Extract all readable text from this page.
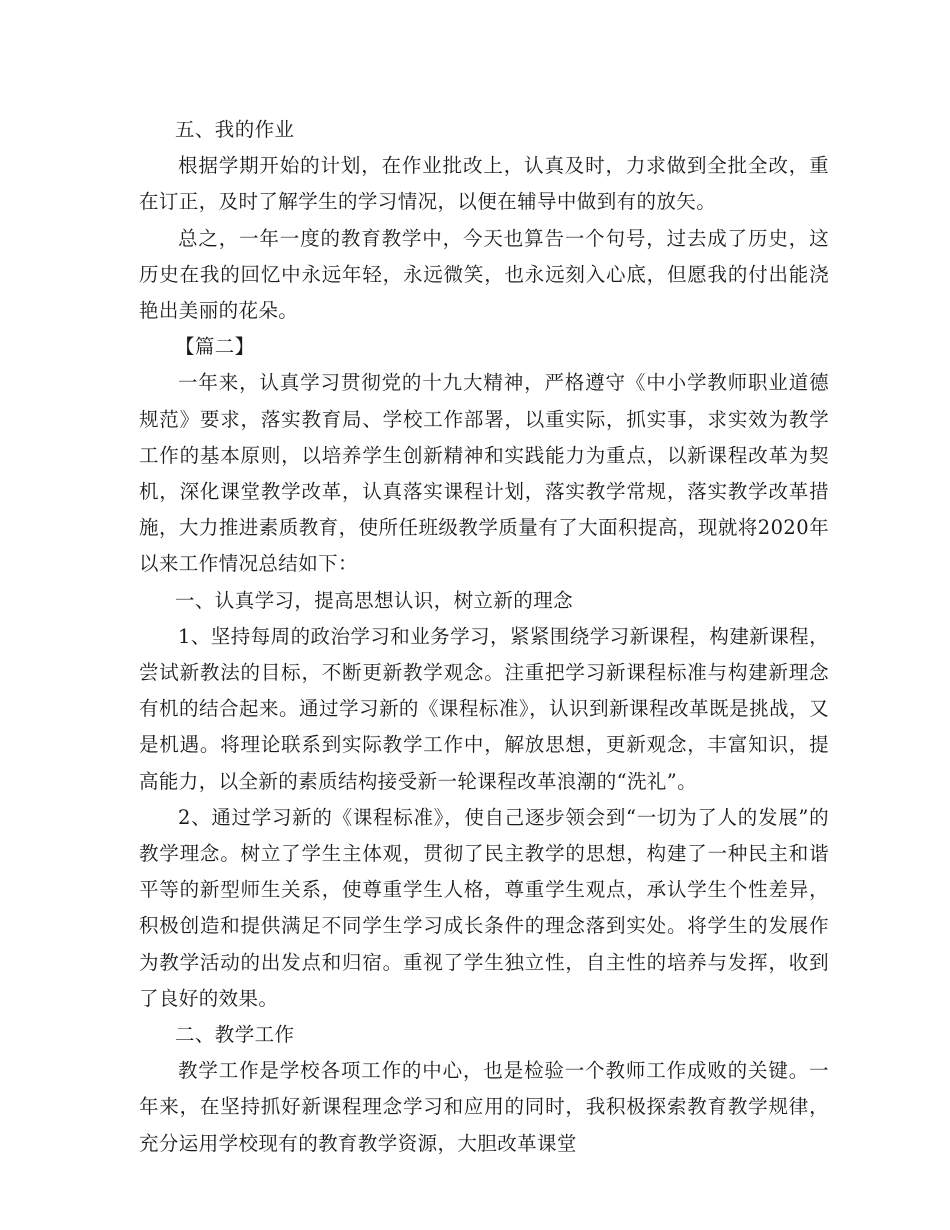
五、我的作业

根据学期开始的计划，在作业批改上，认真及时，力求做到全批全改，重在订正，及时了解学生的学习情况，以便在辅导中做到有的放矢。

总之，一年一度的教育教学中，今天也算告一个句号，过去成了历史，这历史在我的回忆中永远年轻，永远微笑，也永远刻入心底，但愿我的付出能浇艳出美丽的花朵。

【篇二】

一年来，认真学习贯彻党的十九大精神，严格遵守《中小学教师职业道德规范》要求，落实教育局、学校工作部署，以重实际，抓实事，求实效为教学工作的基本原则，以培养学生创新精神和实践能力为重点，以新课程改革为契机，深化课堂教学改革，认真落实课程计划，落实教学常规，落实教学改革措施，大力推进素质教育，使所任班级教学质量有了大面积提高，现就将2020年以来工作情况总结如下：

一、认真学习，提高思想认识，树立新的理念

1、坚持每周的政治学习和业务学习，紧紧围绕学习新课程，构建新课程，尝试新教法的目标，不断更新教学观念。注重把学习新课程标准与构建新理念有机的结合起来。通过学习新的《课程标准》，认识到新课程改革既是挑战，又是机遇。将理论联系到实际教学工作中，解放思想，更新观念，丰富知识，提高能力，以全新的素质结构接受新一轮课程改革浪潮的“洗礼”。

2、通过学习新的《课程标准》，使自己逐步领会到“一切为了人的发展”的教学理念。树立了学生主体观，贯彻了民主教学的思想，构建了一种民主和谐平等的新型师生关系，使尊重学生人格，尊重学生观点，承认学生个性差异，积极创造和提供满足不同学生学习成长条件的理念落到实处。将学生的发展作为教学活动的出发点和归宿。重视了学生独立性，自主性的培养与发挥，收到了良好的效果。

二、教学工作

教学工作是学校各项工作的中心，也是检验一个教师工作成败的关键。一年来，在坚持抓好新课程理念学习和应用的同时，我积极探索教育教学规律，充分运用学校现有的教育教学资源，大胆改革课堂
